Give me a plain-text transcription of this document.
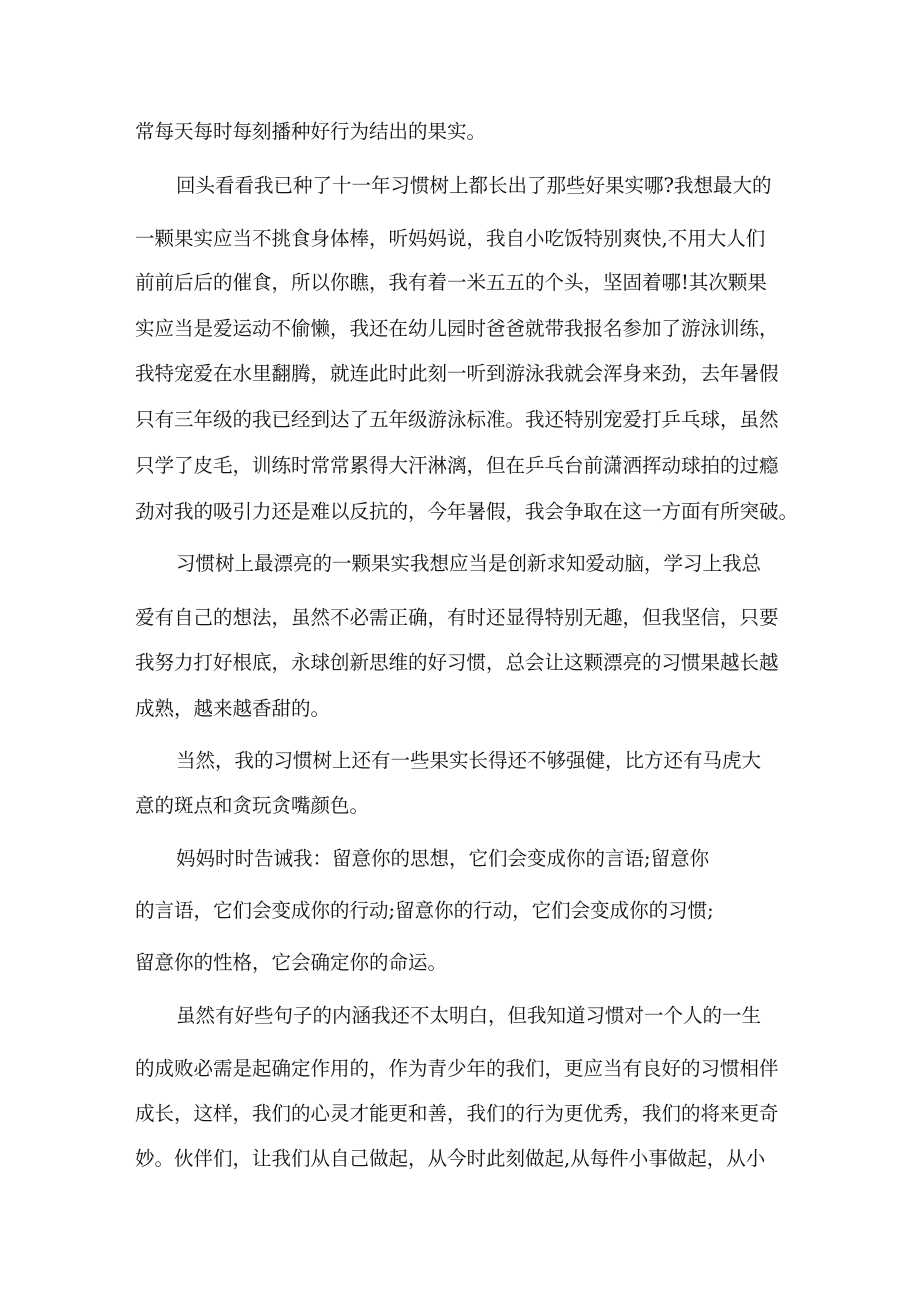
常每天每时每刻播种好行为结出的果实。

回头看看我已种了十一年习惯树上都长出了那些好果实哪?我想最大的

一颗果实应当不挑食身体棒，听妈妈说，我自小吃饭特别爽快,不用大人们

前前后后的催食，所以你瞧，我有着一米五五的个头，坚固着哪!其次颗果

实应当是爱运动不偷懒，我还在幼儿园时爸爸就带我报名参加了游泳训练，

我特宠爱在水里翻腾，就连此时此刻一听到游泳我就会浑身来劲，去年暑假

只有三年级的我已经到达了五年级游泳标准。我还特别宠爱打乒乓球，虽然

只学了皮毛，训练时常常累得大汗淋漓，但在乒乓台前潇洒挥动球拍的过瘾

劲对我的吸引力还是难以反抗的，今年暑假，我会争取在这一方面有所突破。

习惯树上最漂亮的一颗果实我想应当是创新求知爱动脑，学习上我总

爱有自己的想法，虽然不必需正确，有时还显得特别无趣，但我坚信，只要

我努力打好根底，永球创新思维的好习惯，总会让这颗漂亮的习惯果越长越

成熟，越来越香甜的。

当然，我的习惯树上还有一些果实长得还不够强健，比方还有马虎大

意的斑点和贪玩贪嘴颜色。

妈妈时时告诫我：留意你的思想，它们会变成你的言语;留意你

的言语，它们会变成你的行动;留意你的行动，它们会变成你的习惯;

留意你的性格，它会确定你的命运。

虽然有好些句子的内涵我还不太明白，但我知道习惯对一个人的一生

的成败必需是起确定作用的，作为青少年的我们，更应当有良好的习惯相伴

成长，这样，我们的心灵才能更和善，我们的行为更优秀，我们的将来更奇

妙。伙伴们，让我们从自己做起，从今时此刻做起,从每件小事做起，从小
